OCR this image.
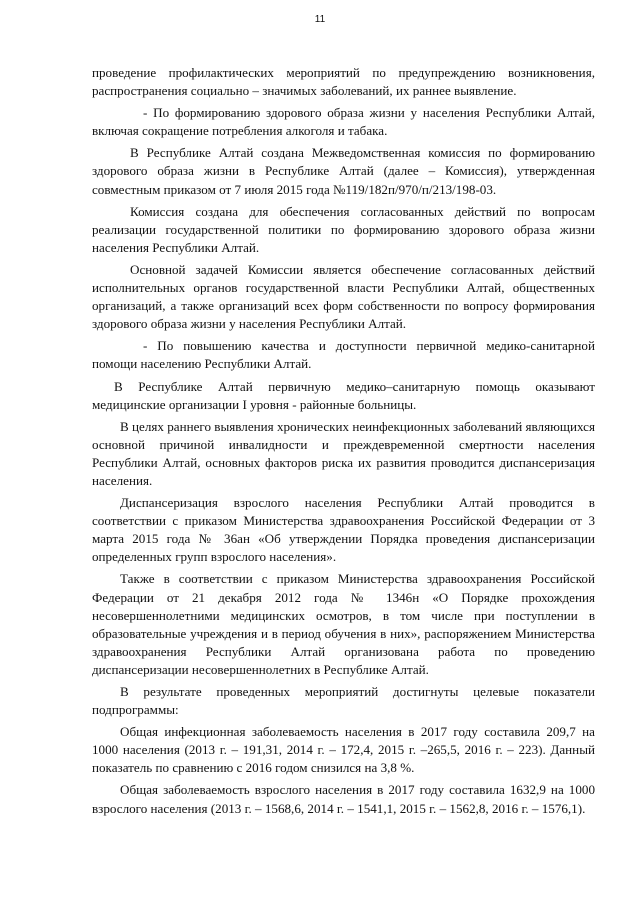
11

проведение профилактических мероприятий по предупреждению возникновения, распространения социально – значимых заболеваний, их раннее выявление.

- По формированию здорового образа жизни у населения Республики Алтай, включая сокращение потребления алкоголя и табака.

В Республике Алтай создана Межведомственная комиссия по формированию здорового образа жизни в Республике Алтай (далее – Комиссия), утвержденная совместным приказом от 7 июля 2015 года №119/182п/970/п/213/198-03.

Комиссия создана для обеспечения согласованных действий по вопросам реализации государственной политики по формированию здорового образа жизни населения Республики Алтай.

Основной задачей Комиссии является обеспечение согласованных действий исполнительных органов государственной власти Республики Алтай, общественных организаций, а также организаций всех форм собственности по вопросу формирования здорового образа жизни у населения Республики Алтай.

- По повышению качества и доступности первичной медико-санитарной помощи населению Республики Алтай.

В Республике Алтай первичную медико–санитарную помощь оказывают медицинские организации I уровня - районные больницы.

В целях раннего выявления хронических неинфекционных заболеваний являющихся основной причиной инвалидности и преждевременной смертности населения Республики Алтай, основных факторов риска их развития проводится диспансеризация населения.

Диспансеризация взрослого населения Республики Алтай проводится в соответствии с приказом Министерства здравоохранения Российской Федерации от 3 марта 2015 года № 36ан «Об утверждении Порядка проведения диспансеризации определенных групп взрослого населения».

Также в соответствии с приказом Министерства здравоохранения Российской Федерации от 21 декабря 2012 года № 1346н «О Порядке прохождения несовершеннолетними медицинских осмотров, в том числе при поступлении в образовательные учреждения и в период обучения в них», распоряжением Министерства здравоохранения Республики Алтай организована работа по проведению диспансеризации несовершеннолетних в Республике Алтай.

В результате проведенных мероприятий достигнуты целевые показатели подпрограммы:

Общая инфекционная заболеваемость населения в 2017 году составила 209,7 на 1000 населения (2013 г. – 191,31, 2014 г. – 172,4, 2015 г. –265,5, 2016 г. – 223). Данный показатель по сравнению с 2016 годом снизился на 3,8 %.

Общая заболеваемость взрослого населения в 2017 году составила 1632,9 на 1000 взрослого населения (2013 г. – 1568,6, 2014 г. – 1541,1, 2015 г. – 1562,8, 2016 г. – 1576,1).
